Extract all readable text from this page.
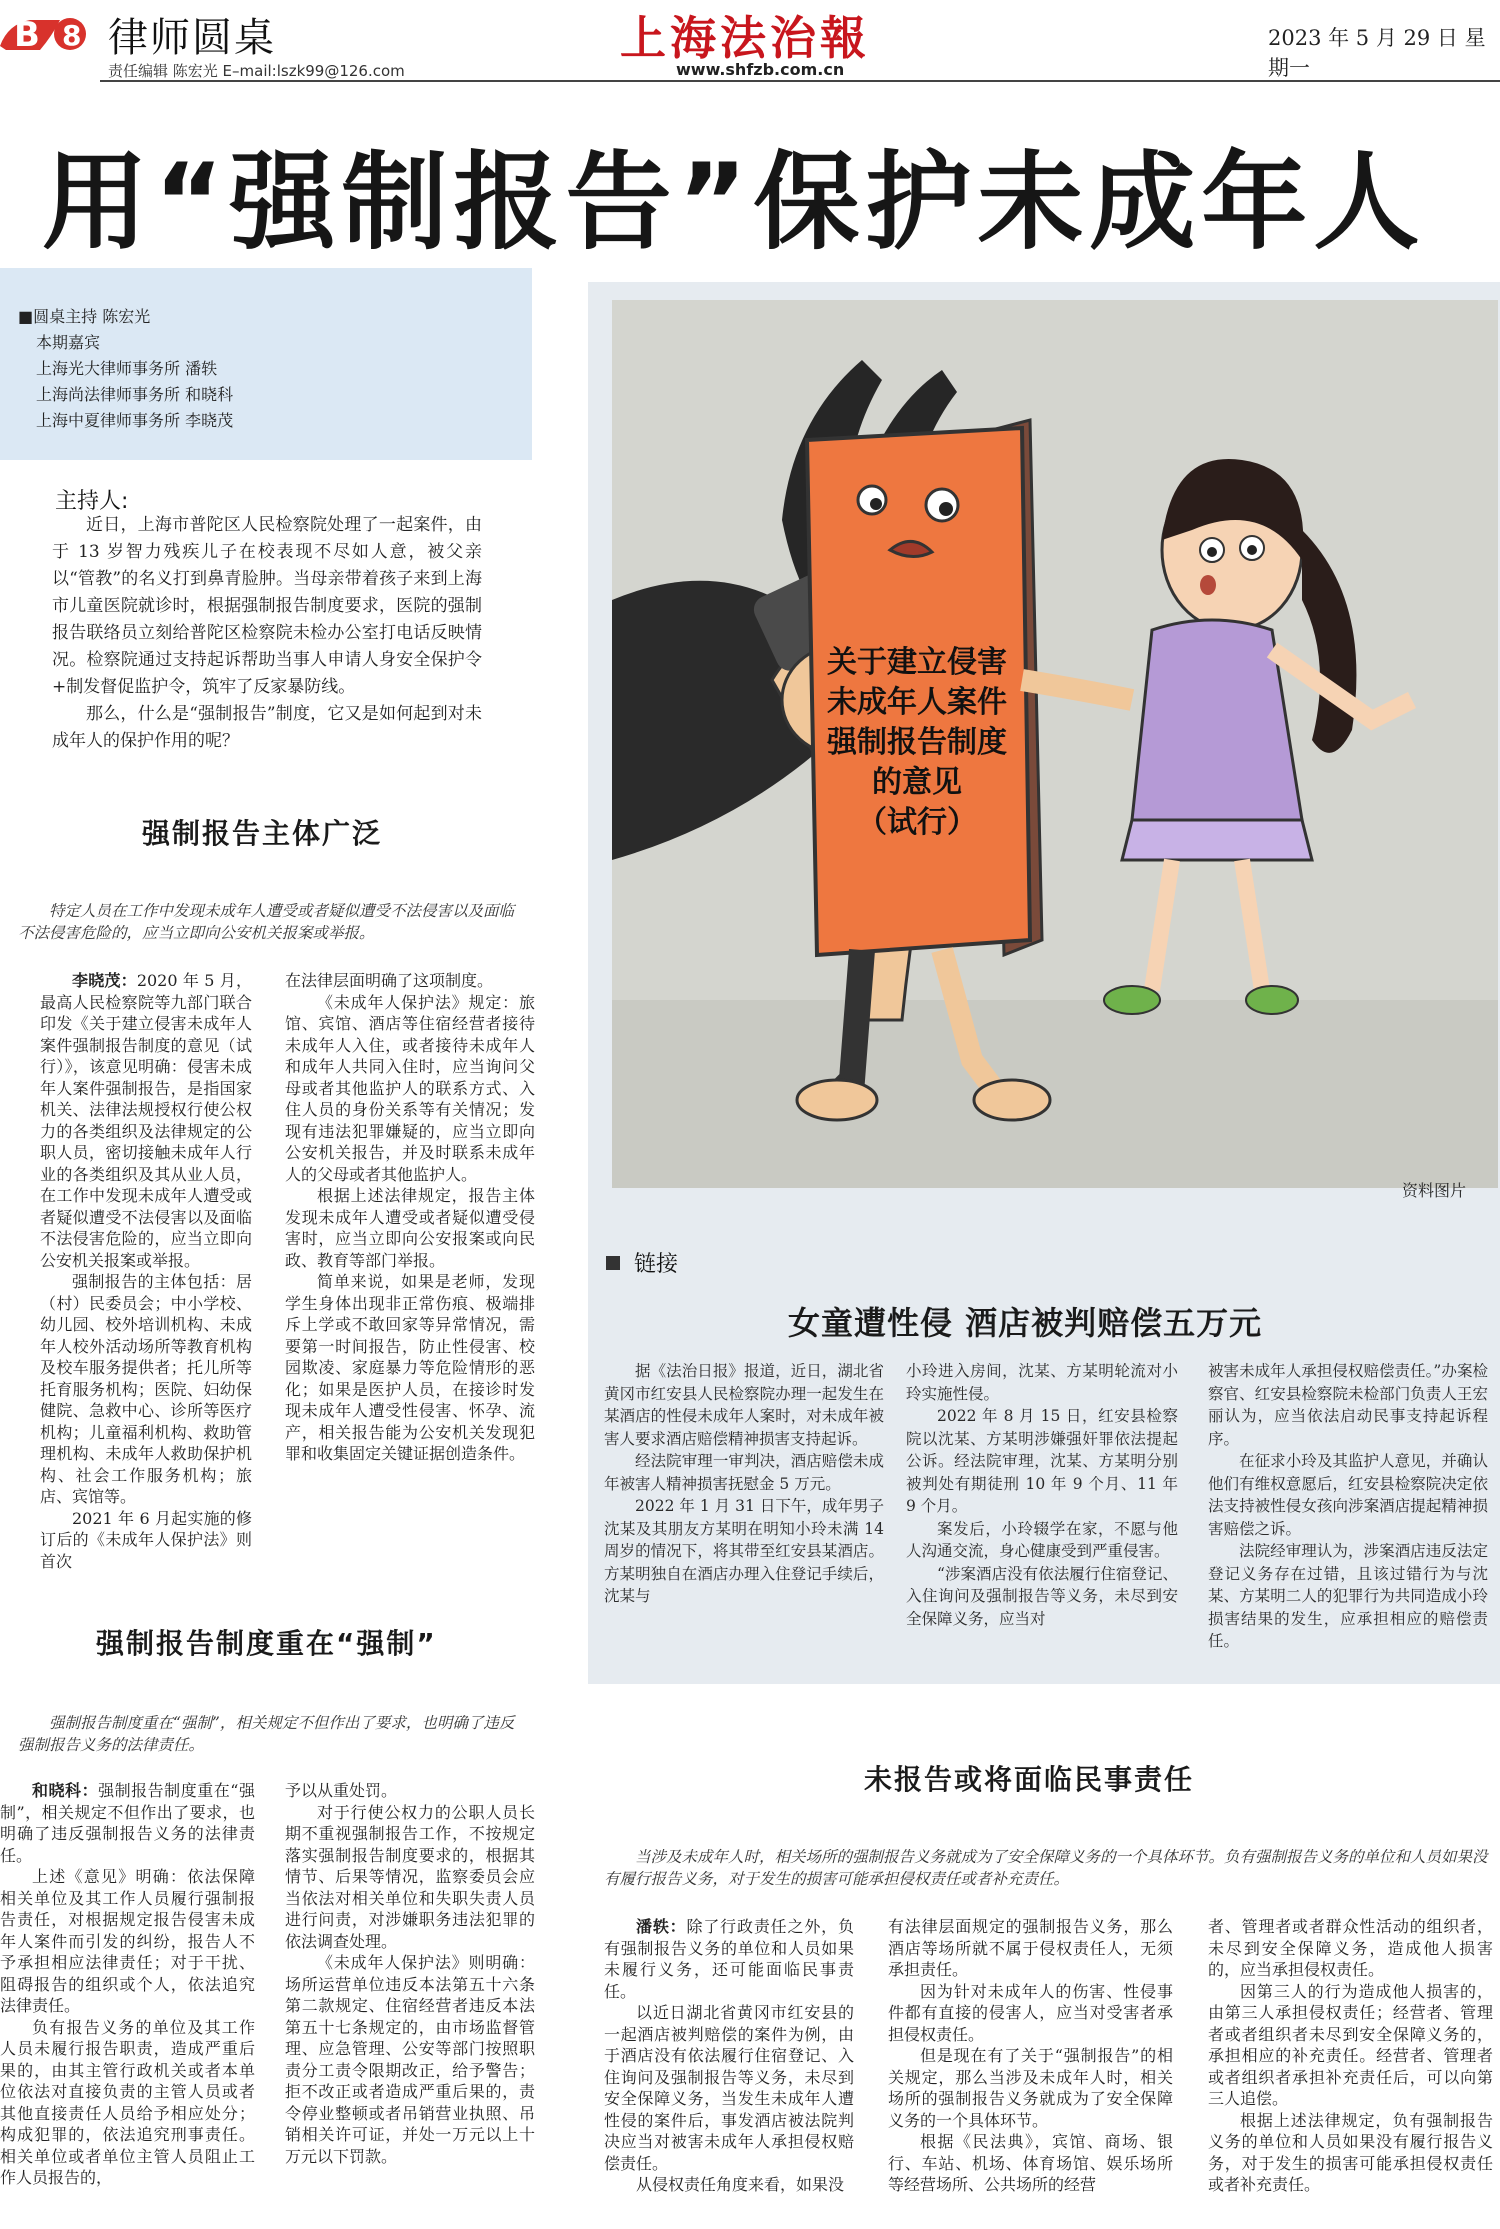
B 8 律师圆桌
责任编辑 陈宏光 E–mail:lszk99@126.com
上海法治報
www.shfzb.com.cn
2023 年 5 月 29 日 星期一
用“强制报告”保护未成年人
■圆桌主持 陈宏光
本期嘉宾
上海光大律师事务所 潘轶
上海尚法律师事务所 和晓科
上海中夏律师事务所 李晓茂
主持人:

近日，上海市普陀区人民检察院处理了一起案件，由于 13 岁智力残疾儿子在校表现不尽如人意，被父亲以“管教”的名义打到鼻青脸肿。当母亲带着孩子来到上海市儿童医院就诊时，根据强制报告制度要求，医院的强制报告联络员立刻给普陀区检察院未检办公室打电话反映情况。检察院通过支持起诉帮助当事人申请人身安全保护令+制发督促监护令，筑牢了反家暴防线。

那么，什么是“强制报告”制度，它又是如何起到对未成年人的保护作用的呢？

强制报告主体广泛
特定人员在工作中发现未成年人遭受或者疑似遭受不法侵害以及面临不法侵害危险的，应当立即向公安机关报案或举报。

李晓茂：2020 年 5 月，最高人民检察院等九部门联合印发《关于建立侵害未成年人案件强制报告制度的意见（试行）》，该意见明确：侵害未成年人案件强制报告，是指国家机关、法律法规授权行使公权力的各类组织及法律规定的公职人员，密切接触未成年人行业的各类组织及其从业人员，在工作中发现未成年人遭受或者疑似遭受不法侵害以及面临不法侵害危险的，应当立即向公安机关报案或举报。

强制报告的主体包括：居（村）民委员会；中小学校、幼儿园、校外培训机构、未成年人校外活动场所等教育机构及校车服务提供者；托儿所等托育服务机构；医院、妇幼保健院、急救中心、诊所等医疗机构；儿童福利机构、救助管理机构、未成年人救助保护机构、社会工作服务机构；旅店、宾馆等。

2021 年 6 月起实施的修订后的《未成年人保护法》则首次

在法律层面明确了这项制度。

《未成年人保护法》规定：旅馆、宾馆、酒店等住宿经营者接待未成年人入住，或者接待未成年人和成年人共同入住时，应当询问父母或者其他监护人的联系方式、入住人员的身份关系等有关情况；发现有违法犯罪嫌疑的，应当立即向公安机关报告，并及时联系未成年人的父母或者其他监护人。

根据上述法律规定，报告主体发现未成年人遭受或者疑似遭受侵害时，应当立即向公安报案或向民政、教育等部门举报。

简单来说，如果是老师，发现学生身体出现非正常伤痕、极端排斥上学或不敢回家等异常情况，需要第一时间报告，防止性侵害、校园欺凌、家庭暴力等危险情形的恶化；如果是医护人员，在接诊时发现未成年人遭受性侵害、怀孕、流产，相关报告能为公安机关发现犯罪和收集固定关键证据创造条件。

强制报告制度重在“强制”
强制报告制度重在“强制”，相关规定不但作出了要求，也明确了违反强制报告义务的法律责任。

和晓科：强制报告制度重在“强制”，相关规定不但作出了要求，也明确了违反强制报告义务的法律责任。

上述《意见》明确：依法保障相关单位及其工作人员履行强制报告责任，对根据规定报告侵害未成年人案件而引发的纠纷，报告人不予承担相应法律责任；对于干扰、阻碍报告的组织或个人，依法追究法律责任。

负有报告义务的单位及其工作人员未履行报告职责，造成严重后果的，由其主管行政机关或者本单位依法对直接负责的主管人员或者其他直接责任人员给予相应处分；构成犯罪的，依法追究刑事责任。相关单位或者单位主管人员阻止工作人员报告的，

予以从重处罚。

对于行使公权力的公职人员长期不重视强制报告工作，不按规定落实强制报告制度要求的，根据其情节、后果等情况，监察委员会应当依法对相关单位和失职失责人员进行问责，对涉嫌职务违法犯罪的依法调查处理。

《未成年人保护法》则明确：场所运营单位违反本法第五十六条第二款规定、住宿经营者违反本法第五十七条规定的，由市场监督管理、应急管理、公安等部门按照职责分工责令限期改正，给予警告；拒不改正或者造成严重后果的，责令停业整顿或者吊销营业执照、吊销相关许可证，并处一万元以上十万元以下罚款。

关于建立侵害
未成年人案件
强制报告制度
的意见
（试行）
资料图片
链接
女童遭性侵 酒店被判赔偿五万元

据《法治日报》报道，近日，湖北省黄冈市红安县人民检察院办理一起发生在某酒店的性侵未成年人案时，对未成年被害人要求酒店赔偿精神损害支持起诉。

经法院审理一审判决，酒店赔偿未成年被害人精神损害抚慰金 5 万元。

2022 年 1 月 31 日下午，成年男子沈某及其朋友方某明在明知小玲未满 14 周岁的情况下，将其带至红安县某酒店。方某明独自在酒店办理入住登记手续后，沈某与

小玲进入房间，沈某、方某明轮流对小玲实施性侵。

2022 年 8 月 15 日，红安县检察院以沈某、方某明涉嫌强奸罪依法提起公诉。经法院审理，沈某、方某明分别被判处有期徒刑 10 年 9 个月、11 年 9 个月。

案发后，小玲辍学在家，不愿与他人沟通交流，身心健康受到严重侵害。

“涉案酒店没有依法履行住宿登记、入住询问及强制报告等义务，未尽到安全保障义务，应当对

被害未成年人承担侵权赔偿责任。”办案检察官、红安县检察院未检部门负责人王宏丽认为，应当依法启动民事支持起诉程序。

在征求小玲及其监护人意见，并确认他们有维权意愿后，红安县检察院决定依法支持被性侵女孩向涉案酒店提起精神损害赔偿之诉。

法院经审理认为，涉案酒店违反法定登记义务存在过错，且该过错行为与沈某、方某明二人的犯罪行为共同造成小玲损害结果的发生，应承担相应的赔偿责任。

未报告或将面临民事责任
当涉及未成年人时，相关场所的强制报告义务就成为了安全保障义务的一个具体环节。负有强制报告义务的单位和人员如果没有履行报告义务，对于发生的损害可能承担侵权责任或者补充责任。

潘轶：除了行政责任之外，负有强制报告义务的单位和人员如果未履行义务，还可能面临民事责任。

以近日湖北省黄冈市红安县的一起酒店被判赔偿的案件为例，由于酒店没有依法履行住宿登记、入住询问及强制报告等义务，未尽到安全保障义务，当发生未成年人遭性侵的案件后，事发酒店被法院判决应当对被害未成年人承担侵权赔偿责任。

从侵权责任角度来看，如果没

有法律层面规定的强制报告义务，那么酒店等场所就不属于侵权责任人，无须承担责任。

因为针对未成年人的伤害、性侵事件都有直接的侵害人，应当对受害者承担侵权责任。

但是现在有了关于“强制报告”的相关规定，那么当涉及未成年人时，相关场所的强制报告义务就成为了安全保障义务的一个具体环节。

根据《民法典》，宾馆、商场、银行、车站、机场、体育场馆、娱乐场所等经营场所、公共场所的经营

者、管理者或者群众性活动的组织者，未尽到安全保障义务，造成他人损害的，应当承担侵权责任。

因第三人的行为造成他人损害的，由第三人承担侵权责任；经营者、管理者或者组织者未尽到安全保障义务的，承担相应的补充责任。经营者、管理者或者组织者承担补充责任后，可以向第三人追偿。

根据上述法律规定，负有强制报告义务的单位和人员如果没有履行报告义务，对于发生的损害可能承担侵权责任或者补充责任。
